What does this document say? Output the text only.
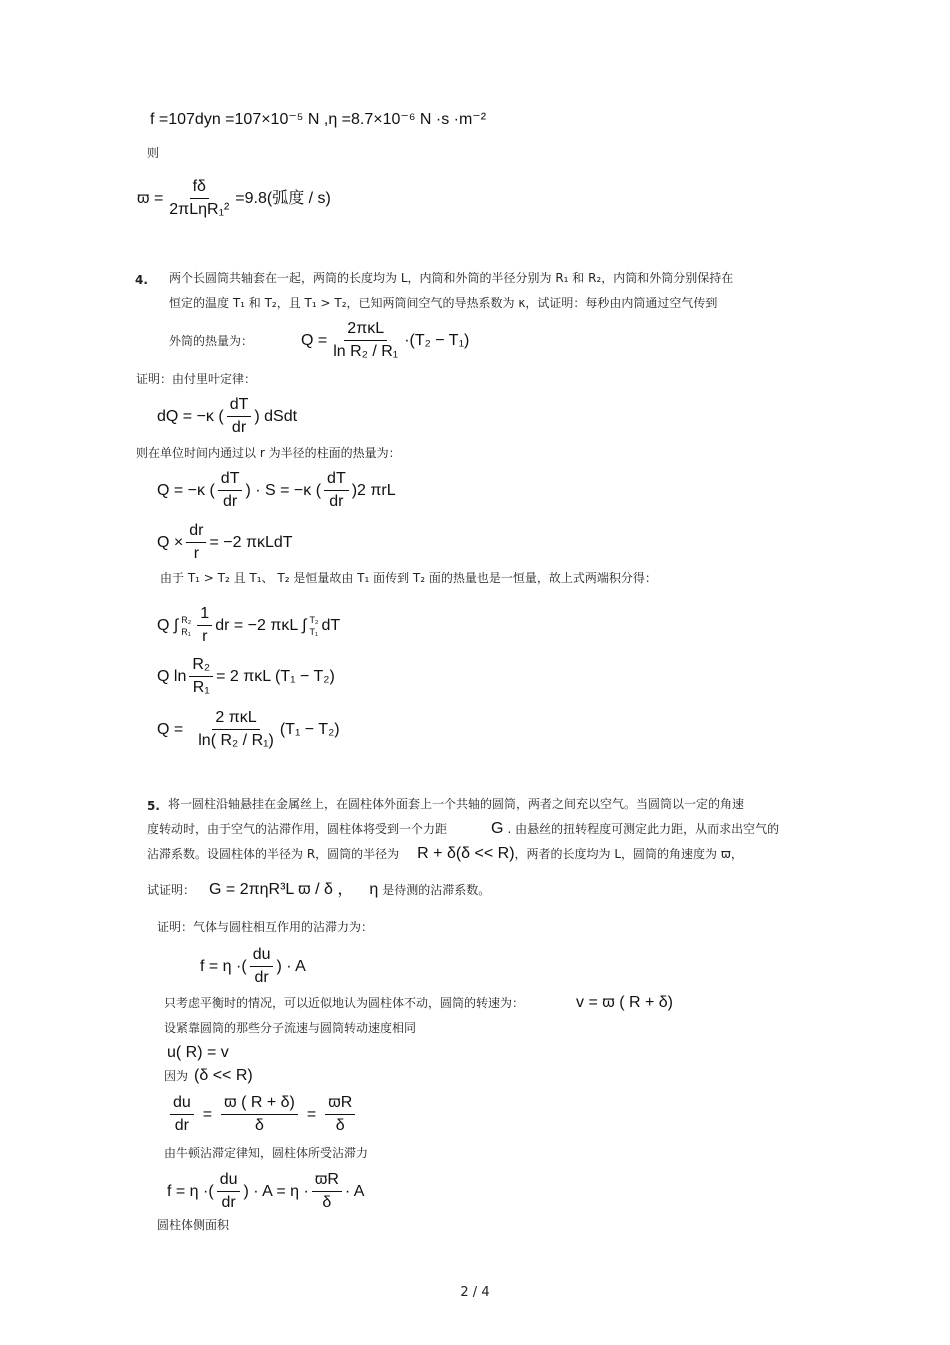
f =107dyn =107×10⁻⁵ N ,η =8.7×10⁻⁶ N ·s ·m⁻²
则
$ϖ = \frac{f\delta}{\text{2πLηR₁²}} =9.8$(弧度 / s)
4. 两个长圆筒共轴套在一起，两筒的长度均为 L，内筒和外筒的半径分别为 R₁ 和 R₂，内筒和外筒分别保持在
恒定的温度 T₁ 和 T₂，且 T₁ > T₂，已知两筒间空气的导热系数为 κ，试证明：每秒由内筒通过空气传到
外筒的热量为：	$Q = \frac{\text{2πκL}}{\text{ln R₂ / R₁}} \cdot(T_2 - T_1)$
证明：由付里叶定律：
dQ = −κ ( $\frac{dT}{dr}$ ) dSdt
则在单位时间内通过以 r 为半径的柱面的热量为：
Q = −κ ( $\frac{dT}{dr}$ ) · S = −κ ( $\frac{dT}{dr} )2$ πrL
$Q \times \frac{dr}{r} = -2$ πκLdT
由于 T₁ > T₂ 且 T₁、 T₂ 是恒量故由 T₁ 面传到 T₂ 面的热量也是一恒量，故上式两端积分得：
Q ∫ R₂
$R_1 \frac{1}{r}$ dr = −2 πκL ∫ T₂
T₁ dT
Q $\ln \frac{\text{R₂}}{\text{R₁}} = 2$ πκL (T₁ − T₂)
$Q = \frac{\text{2 πκL}}{\text{ln( R₂ / R₁)}} (T_1 - T_2)$
5. 将一圆柱沿轴悬挂在金属丝上，在圆柱体外面套上一个共轴的圆筒，两者之间充以空气。当圆筒以一定的角速
度转动时，由于空气的沾滞作用，圆柱体将受到一个力距	G . 由悬丝的扭转程度可测定此力距，从而求出空气的
沾滞系数。设圆柱体的半径为 R，圆筒的半径为 R + δ(δ << R) ，两者的长度均为 L，圆筒的角速度为 ϖ，
试证明： G = 2πηR³L ϖ / δ ， η 是待测的沾滞系数。
证明：气体与圆柱相互作用的沾滞力为：
f = η ·( $\frac{du}{dr}$ ) · A
只考虑平衡时的情况，可以近似地认为圆柱体不动，圆筒的转速为：	v = ϖ ( R + δ)
设紧靠圆筒的那些分子流速与圆筒转动速度相同
u( R) = v
因为 (δ << R)
$\frac{du}{dr} = \frac{ϖ ( R + \delta)}{\delta} = \frac{ϖR}{\delta}$
由牛顿沾滞定律知，圆柱体所受沾滞力
f = η ·( $\frac{du}{dr}$ ) · $A = \eta \cdot \frac{ϖR}{\delta} \cdot A$
圆柱体侧面积
2 / 4
